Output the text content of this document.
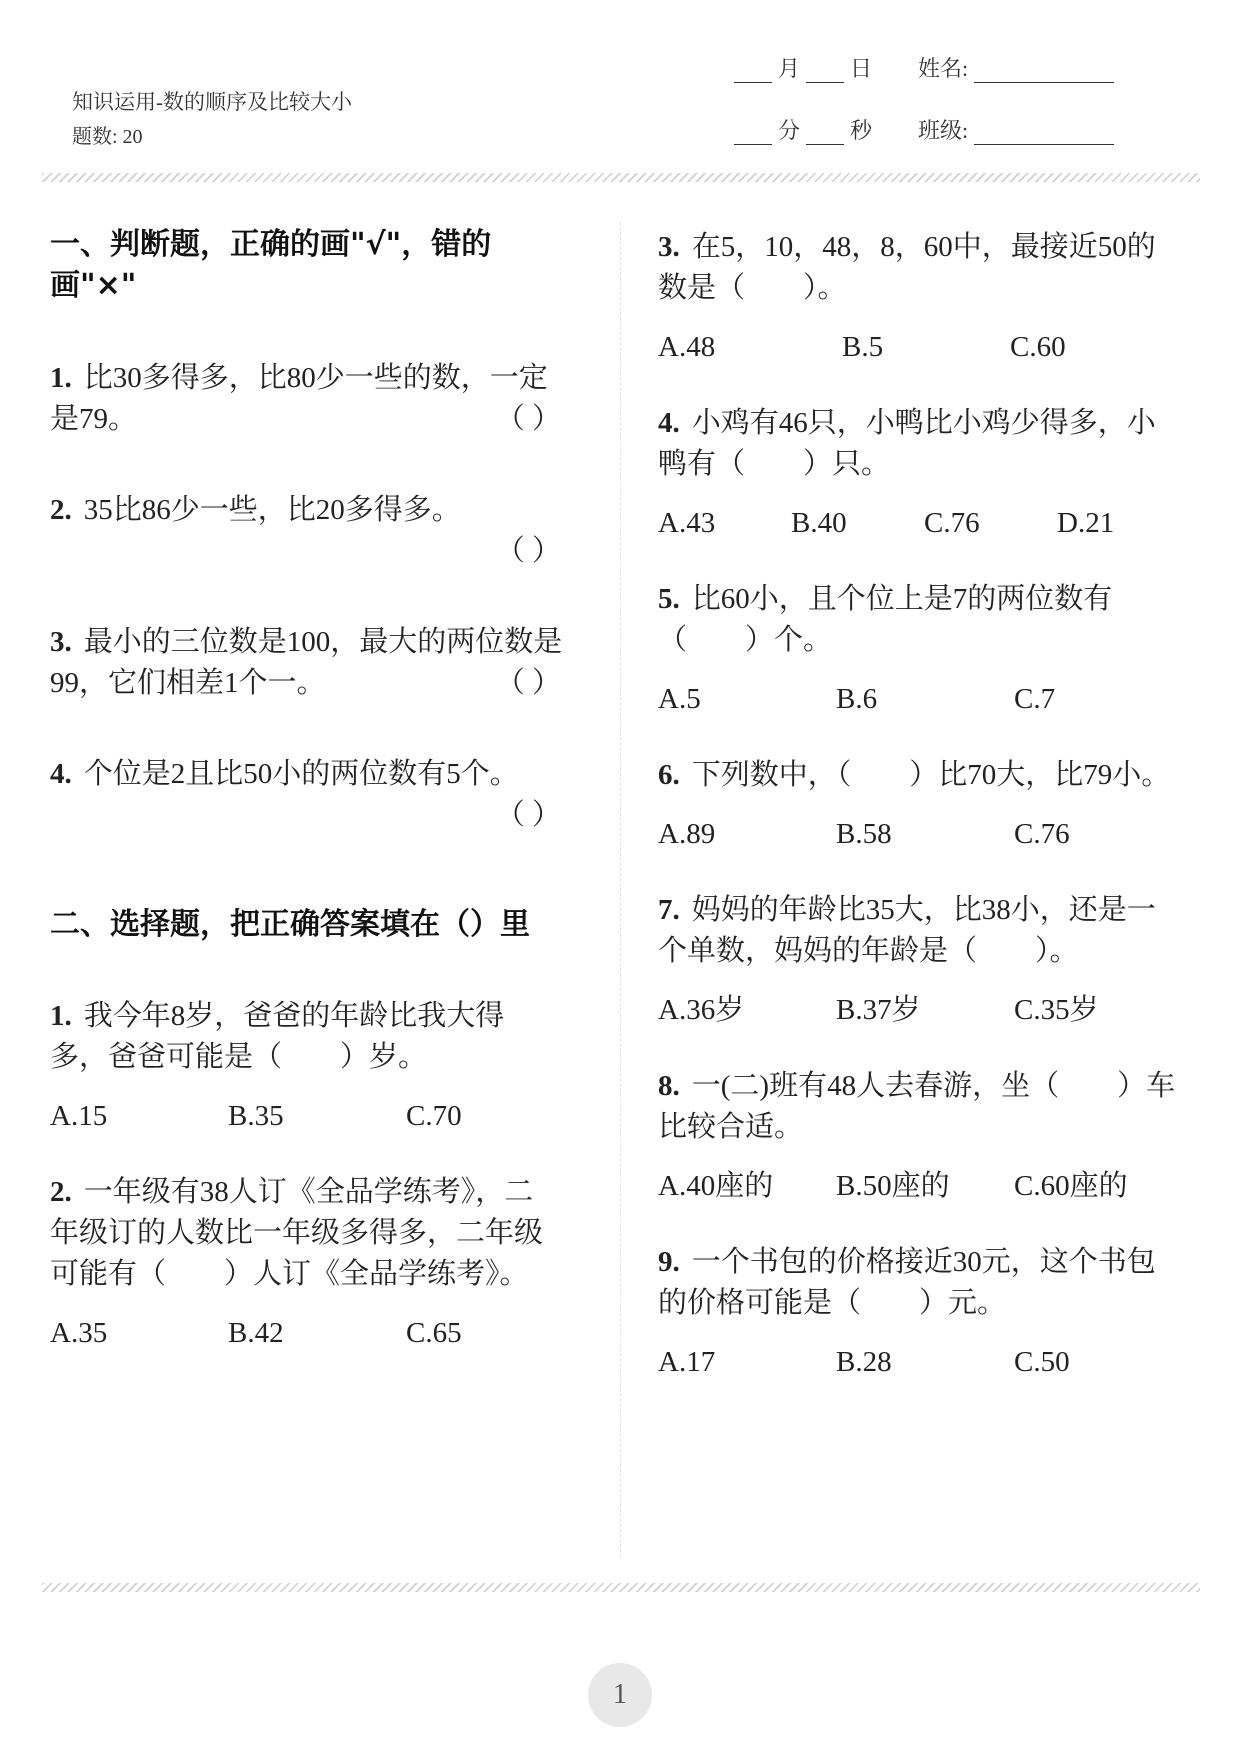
知识运用-数的顺序及比较大小
题数: 20
月 日 姓名:
分 秒 班级:
一、判断题，正确的画"√"，错的画"×"
1. 比30多得多，比80少一些的数，一定是79。	（ ）
2. 35比86少一些，比20多得多。
（ ）
3. 最小的三位数是100，最大的两位数是99，它们相差1个一。	（ ）
4. 个位是2且比50小的两位数有5个。
（ ）
二、选择题，把正确答案填在（）里
1. 我今年8岁，爸爸的年龄比我大得多，爸爸可能是（　　）岁。
A.15	B.35	C.70
2. 一年级有38人订《全品学练考》，二年级订的人数比一年级多得多，二年级可能有（　　）人订《全品学练考》。
A.35	B.42	C.65
3. 在5，10，48，8，60中，最接近50的数是（　　）。
A.48	B.5	C.60
4. 小鸡有46只，小鸭比小鸡少得多，小鸭有（　　）只。
A.43	B.40	C.76	D.21
5. 比60小，且个位上是7的两位数有（　　）个。
A.5	B.6	C.7
6. 下列数中，（　　）比70大，比79小。
A.89	B.58	C.76
7. 妈妈的年龄比35大，比38小，还是一个单数，妈妈的年龄是（　　）。
A.36岁	B.37岁	C.35岁
8. 一(二)班有48人去春游，坐（　　）车比较合适。
A.40座的	B.50座的	C.60座的
9. 一个书包的价格接近30元，这个书包的价格可能是（　　）元。
A.17	B.28	C.50
1
